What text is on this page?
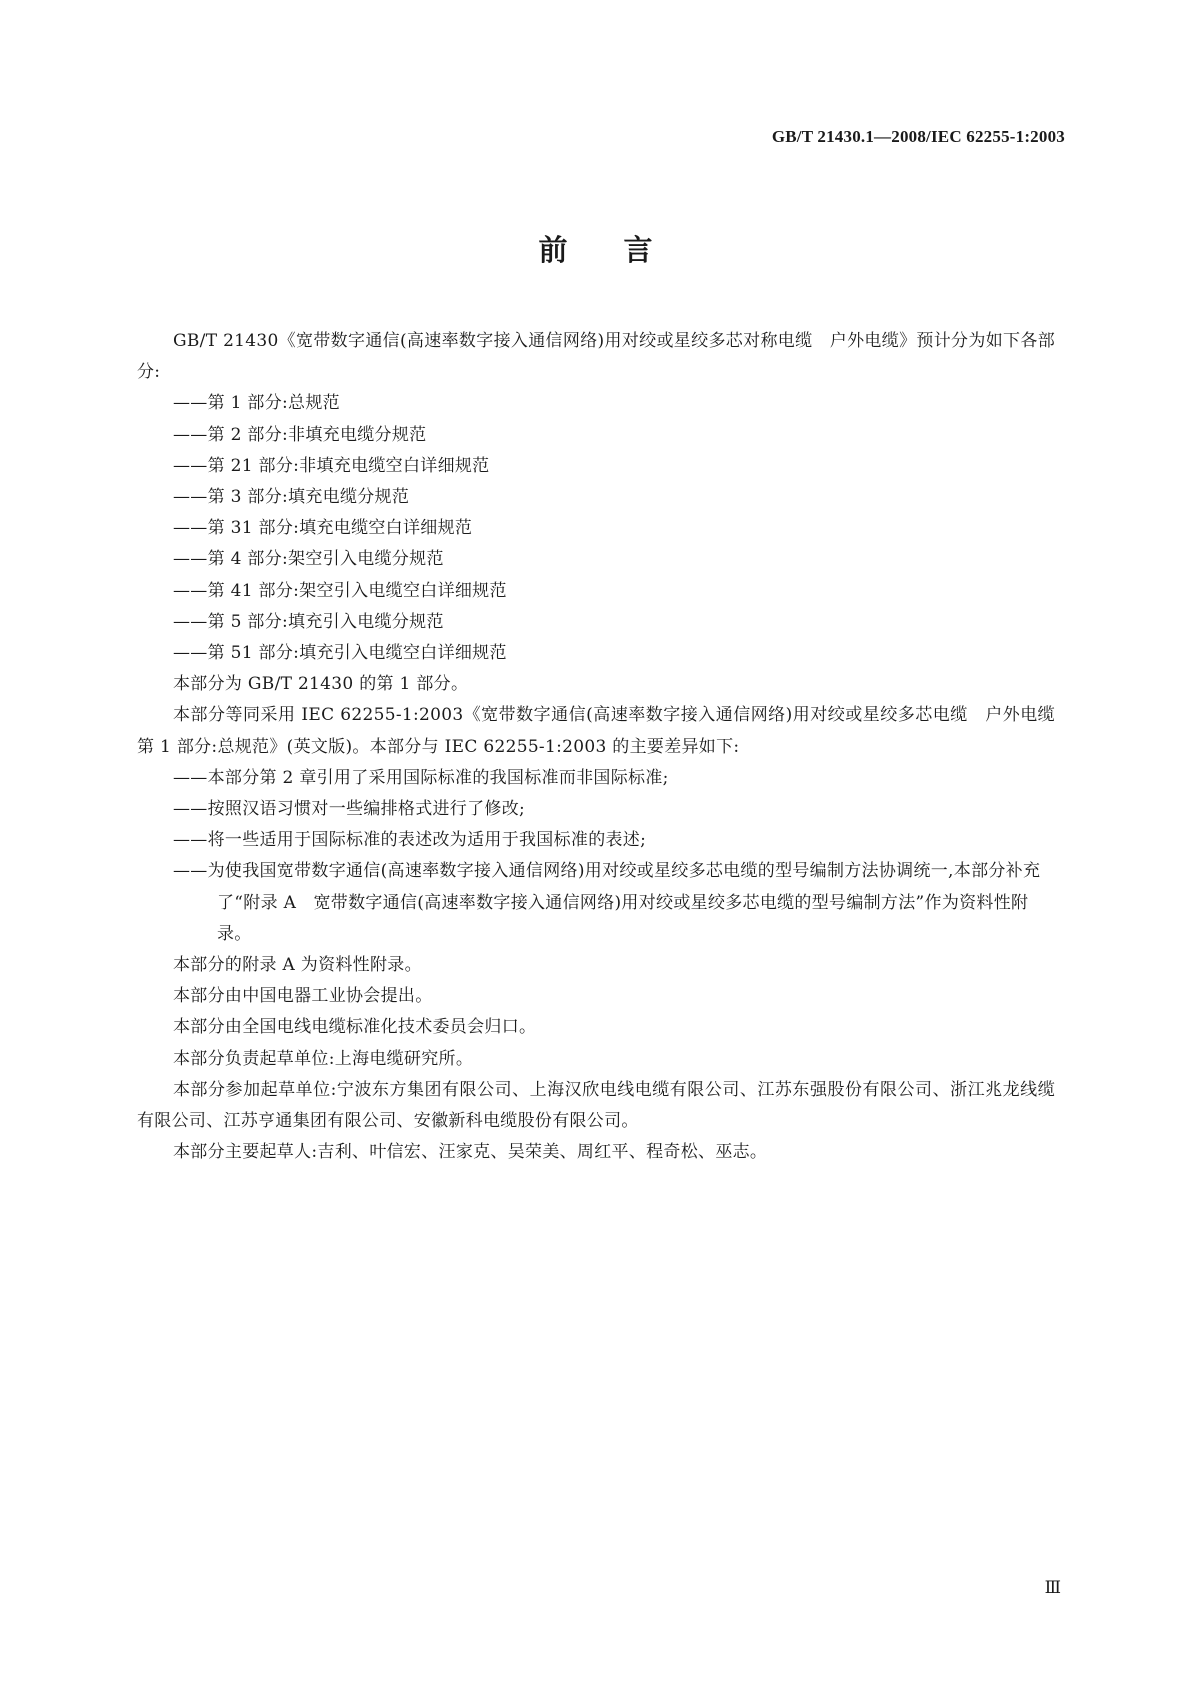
GB/T 21430.1—2008/IEC 62255-1:2003
前言

GB/T 21430《宽带数字通信(高速率数字接入通信网络)用对绞或星绞多芯对称电缆　户外电缆》预计分为如下各部分:

——第 1 部分:总规范

——第 2 部分:非填充电缆分规范

——第 21 部分:非填充电缆空白详细规范

——第 3 部分:填充电缆分规范

——第 31 部分:填充电缆空白详细规范

——第 4 部分:架空引入电缆分规范

——第 41 部分:架空引入电缆空白详细规范

——第 5 部分:填充引入电缆分规范

——第 51 部分:填充引入电缆空白详细规范

本部分为 GB/T 21430 的第 1 部分。

本部分等同采用 IEC 62255-1:2003《宽带数字通信(高速率数字接入通信网络)用对绞或星绞多芯电缆　户外电缆　第 1 部分:总规范》(英文版)。本部分与 IEC 62255-1:2003 的主要差异如下:

——本部分第 2 章引用了采用国际标准的我国标准而非国际标准;

——按照汉语习惯对一些编排格式进行了修改;

——将一些适用于国际标准的表述改为适用于我国标准的表述;

——为使我国宽带数字通信(高速率数字接入通信网络)用对绞或星绞多芯电缆的型号编制方法协调统一,本部分补充了“附录 A　宽带数字通信(高速率数字接入通信网络)用对绞或星绞多芯电缆的型号编制方法”作为资料性附录。

本部分的附录 A 为资料性附录。

本部分由中国电器工业协会提出。

本部分由全国电线电缆标准化技术委员会归口。

本部分负责起草单位:上海电缆研究所。

本部分参加起草单位:宁波东方集团有限公司、上海汉欣电线电缆有限公司、江苏东强股份有限公司、浙江兆龙线缆有限公司、江苏亨通集团有限公司、安徽新科电缆股份有限公司。

本部分主要起草人:吉利、叶信宏、汪家克、吴荣美、周红平、程奇松、巫志。

Ⅲ
